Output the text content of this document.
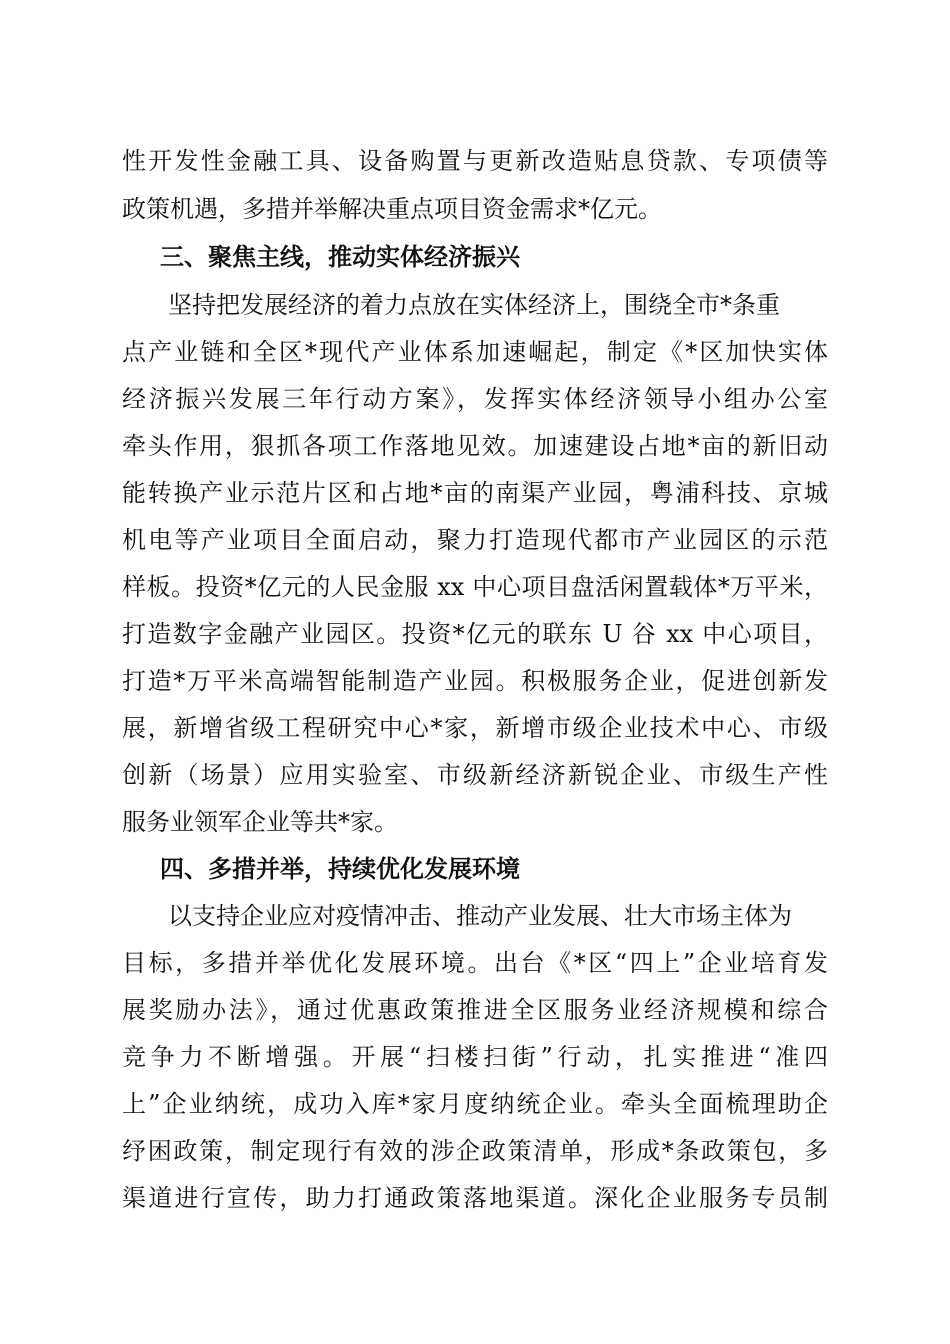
性开发性金融工具、设备购置与更新改造贴息贷款、专项债等
政策机遇，多措并举解决重点项目资金需求*亿元。
三、聚焦主线，推动实体经济振兴
坚持把发展经济的着力点放在实体经济上，围绕全市*条重
点产业链和全区*现代产业体系加速崛起，制定《*区加快实体
经济振兴发展三年行动方案》，发挥实体经济领导小组办公室
牵头作用，狠抓各项工作落地见效。加速建设占地*亩的新旧动
能转换产业示范片区和占地*亩的南渠产业园，粤浦科技、京城
机电等产业项目全面启动，聚力打造现代都市产业园区的示范
样板。投资*亿元的人民金服 xx 中心项目盘活闲置载体*万平米，
打造数字金融产业园区。投资*亿元的联东 U 谷 xx 中心项目，
打造*万平米高端智能制造产业园。积极服务企业，促进创新发
展，新增省级工程研究中心*家，新增市级企业技术中心、市级
创新（场景）应用实验室、市级新经济新锐企业、市级生产性
服务业领军企业等共*家。
四、多措并举，持续优化发展环境
以支持企业应对疫情冲击、推动产业发展、壮大市场主体为
目标，多措并举优化发展环境。出台《*区“四上”企业培育发
展奖励办法》，通过优惠政策推进全区服务业经济规模和综合
竞争力不断增强。开展“扫楼扫街”行动，扎实推进“准四
上”企业纳统，成功入库*家月度纳统企业。牵头全面梳理助企
纾困政策，制定现行有效的涉企政策清单，形成*条政策包，多
渠道进行宣传，助力打通政策落地渠道。深化企业服务专员制
